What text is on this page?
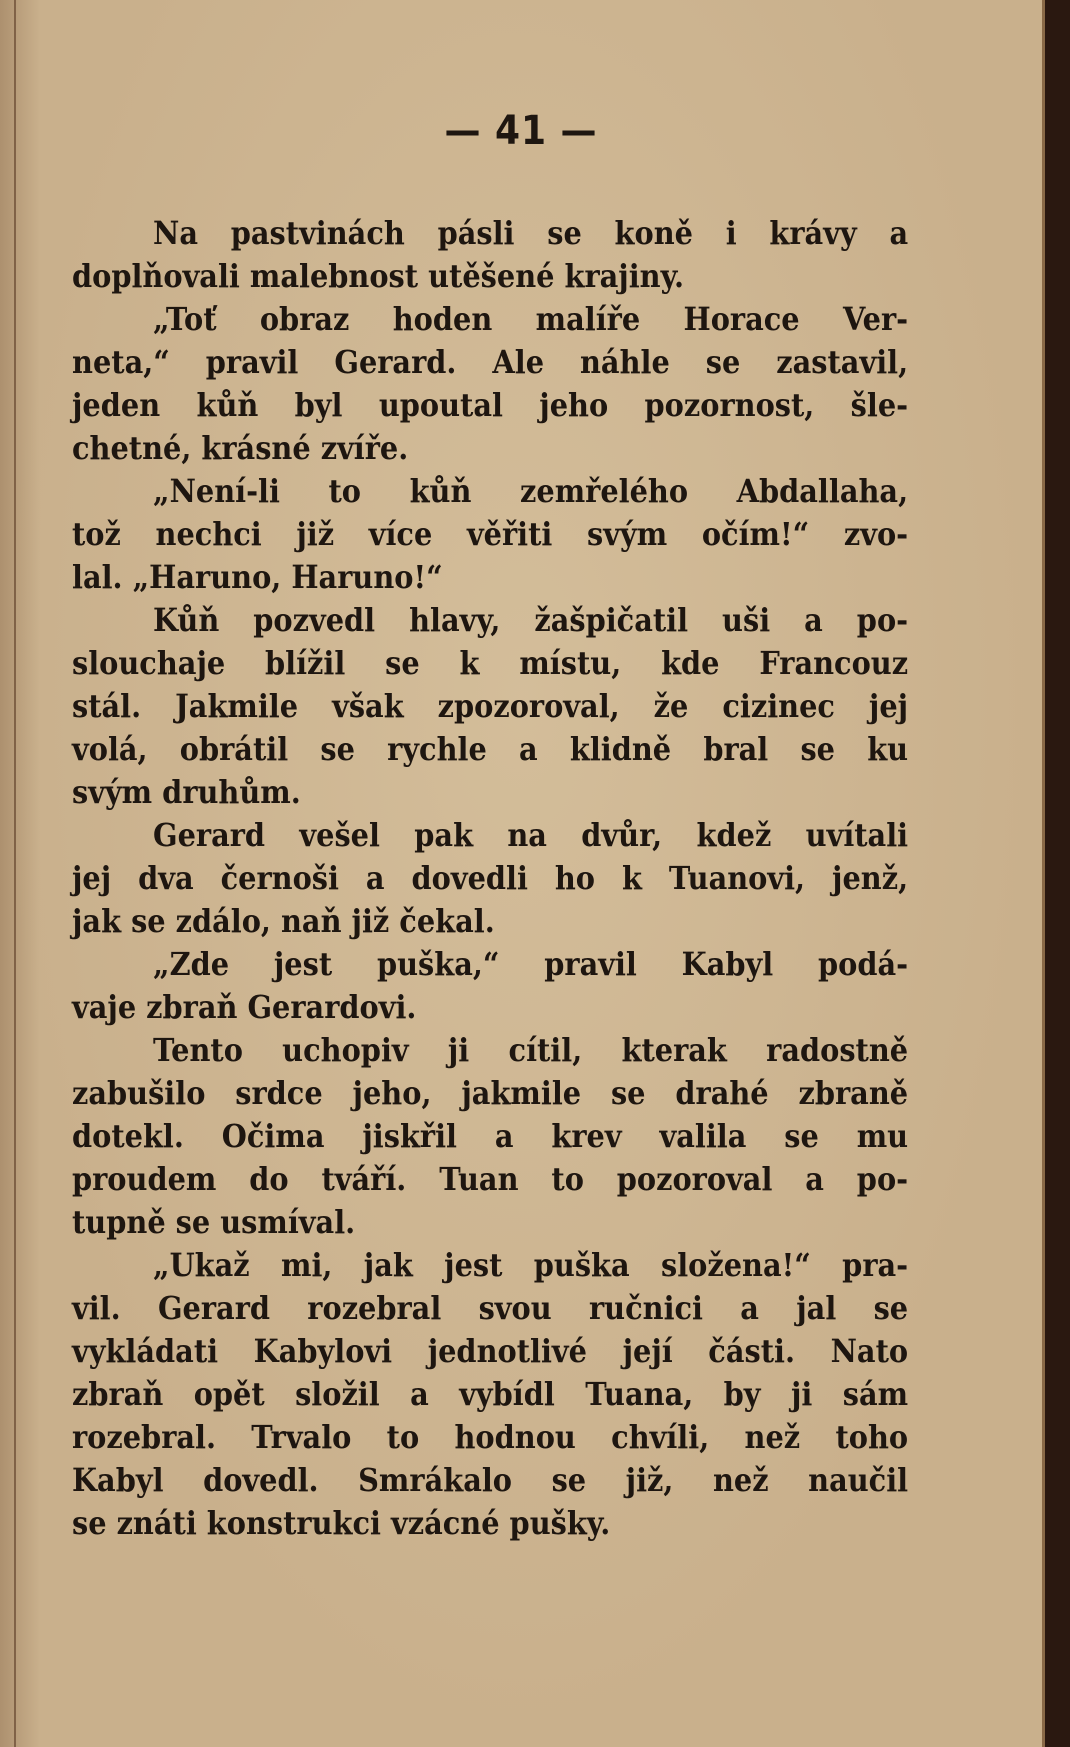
— 41 —
Na pastvinách pásli se koně i krávy a
doplňovali malebnost utěšené krajiny.
„Toť obraz hoden malíře Horace Ver-
neta,“ pravil Gerard. Ale náhle se zastavil,
jeden kůň byl upoutal jeho pozornost, šle-
chetné, krásné zvíře.
„Není-li to kůň zemřelého Abdallaha,
tož nechci již více věřiti svým očím!“ zvo-
lal. „Haruno, Haruno!“
Kůň pozvedl hlavy, žašpičatil uši a po-
slouchaje blížil se k místu, kde Francouz
stál. Jakmile však zpozoroval, že cizinec jej
volá, obrátil se rychle a klidně bral se ku
svým druhům.
Gerard vešel pak na dvůr, kdež uvítali
jej dva černoši a dovedli ho k Tuanovi, jenž,
jak se zdálo, naň již čekal.
„Zde jest puška,“ pravil Kabyl podá-
vaje zbraň Gerardovi.
Tento uchopiv ji cítil, kterak radostně
zabušilo srdce jeho, jakmile se drahé zbraně
dotekl. Očima jiskřil a krev valila se mu
proudem do tváří. Tuan to pozoroval a po-
tupně se usmíval.
„Ukaž mi, jak jest puška složena!“ pra-
vil. Gerard rozebral svou ručnici a jal se
vykládati Kabylovi jednotlivé její části. Nato
zbraň opět složil a vybídl Tuana, by ji sám
rozebral. Trvalo to hodnou chvíli, než toho
Kabyl dovedl. Smrákalo se již, než naučil
se znáti konstrukci vzácné pušky.
